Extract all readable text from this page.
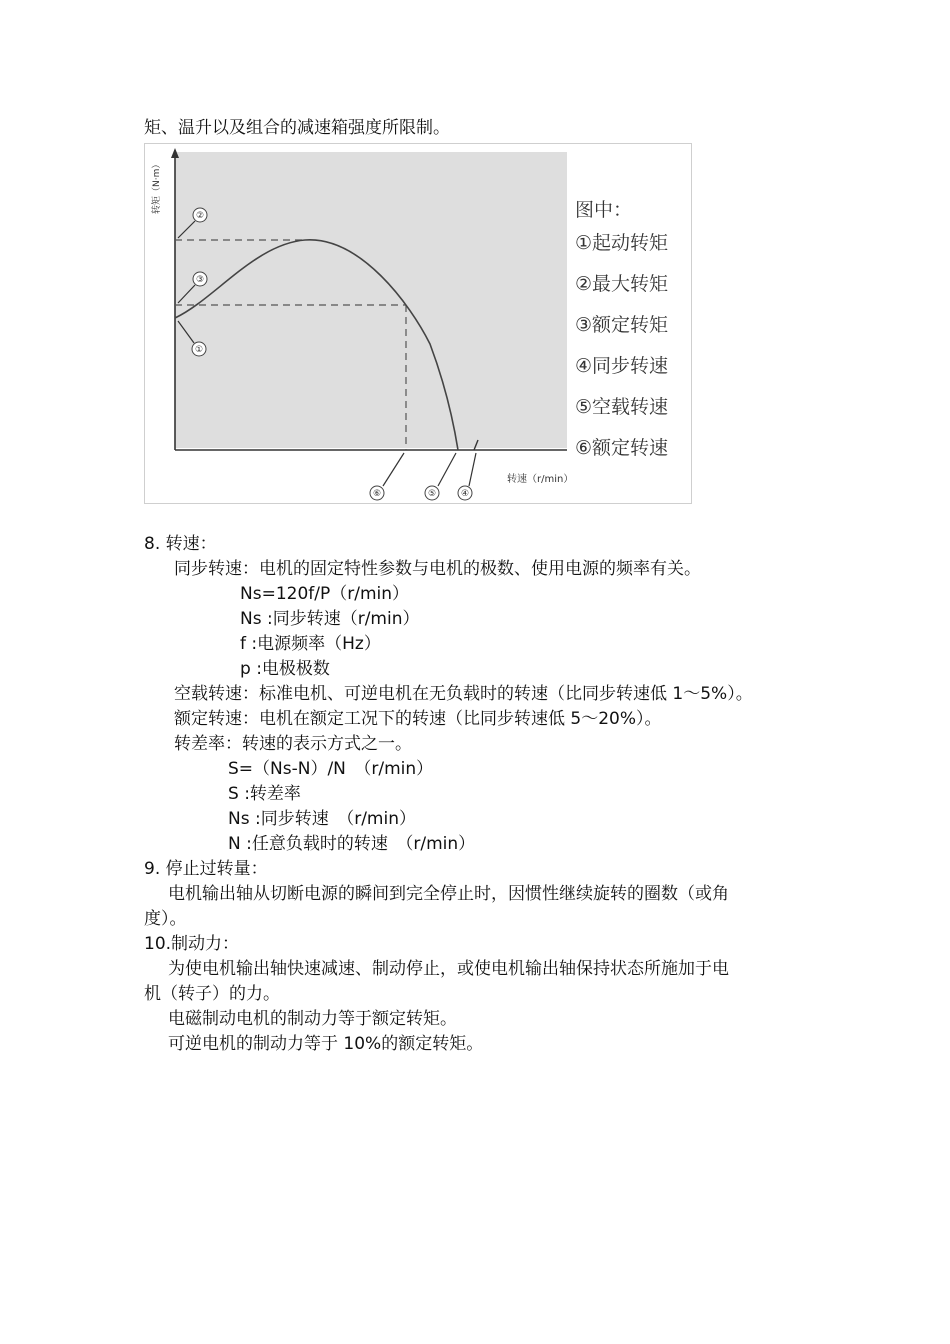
矩、温升以及组合的减速箱强度所限制。
转矩（N·m）
②
③
①
⑥	⑤	④
转速（r/min）
图中：
①起动转矩
②最大转矩
③额定转矩
④同步转速
⑤空载转速
⑥额定转速
8. 转速：
同步转速：电机的固定特性参数与电机的极数、使用电源的频率有关。
Ns=120f/P（r/min）
Ns :同步转速（r/min）
f :电源频率（Hz）
p :电极极数
空载转速：标准电机、可逆电机在无负载时的转速（比同步转速低 1～5%）。
额定转速：电机在额定工况下的转速（比同步转速低 5～20%）。
转差率：转速的表示方式之一。
S=（Ns-N）/N　（r/min）
S :转差率
Ns :同步转速　（r/min）
N :任意负载时的转速　（r/min）
9. 停止过转量：
电机输出轴从切断电源的瞬间到完全停止时，因惯性继续旋转的圈数（或角
度）。
10.制动力：
为使电机输出轴快速减速、制动停止，或使电机输出轴保持状态所施加于电
机（转子）的力。
电磁制动电机的制动力等于额定转矩。
可逆电机的制动力等于 10%的额定转矩。
